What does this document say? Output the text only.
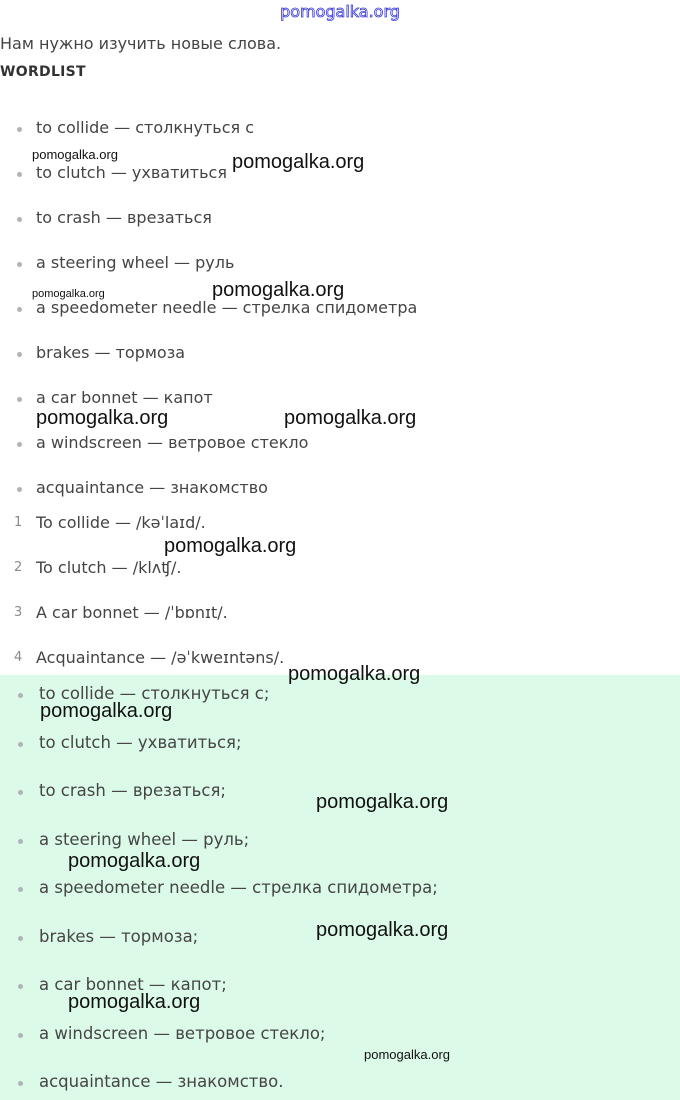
pomogalka.org
Нам нужно изучить новые слова.
WORDLIST
to collide — столкнуться с
to clutch — ухватиться
to crash — врезаться
a steering wheel — руль
a speedometer needle — стрелка спидометра
brakes — тормоза
a car bonnet — капот
a windscreen — ветровое стекло
acquaintance — знакомство
1 To collide — /kəˈlaɪd/.
2 To clutch — /klʌʧ/.
3 A car bonnet — /ˈbɒnɪt/.
4 Acquaintance — /əˈkweɪntəns/.
to collide — столкнуться с;
to clutch — ухватиться;
to crash — врезаться;
a steering wheel — руль;
a speedometer needle — стрелка спидометра;
brakes — тормоза;
a car bonnet — капот;
a windscreen — ветровое стекло;
acquaintance — знакомство.
pomogalka.org	pomogalka.org
pomogalka.org	pomogalka.org
pomogalka.org	pomogalka.org
pomogalka.org
pomogalka.org
pomogalka.org
pomogalka.org
pomogalka.org
pomogalka.org
pomogalka.org
pomogalka.org
